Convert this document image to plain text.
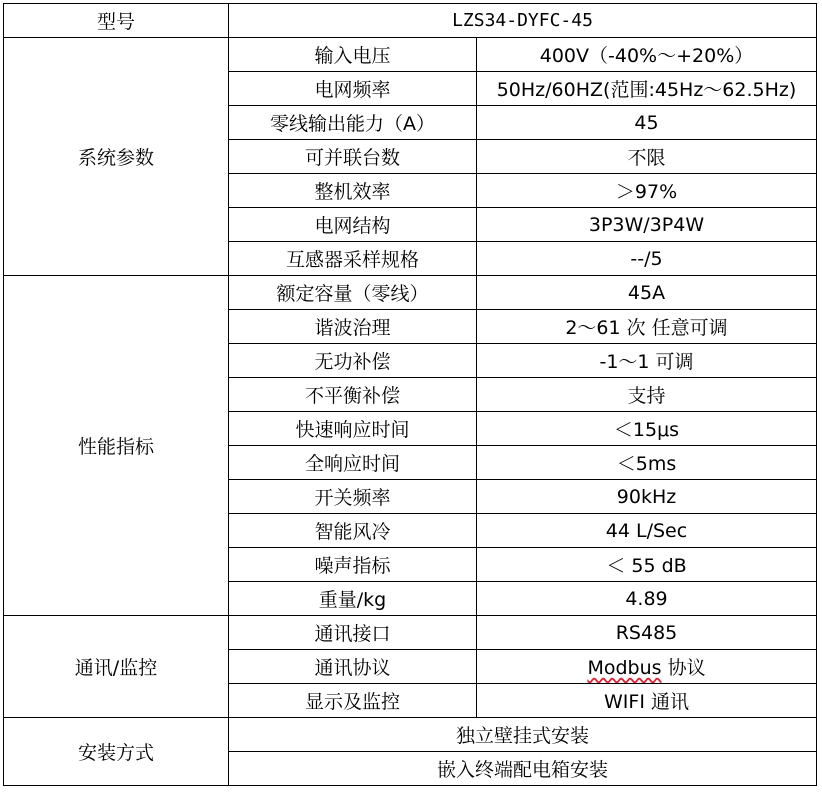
型号	LZS34-DYFC-45	
系统参数	输入电压	400V（-40%～+20%）
	电网频率	50Hz/60HZ(范围:45Hz～62.5Hz)
	零线输出能力（A）	45
	可并联台数	不限
	整机效率	＞97%
	电网结构	3P3W/3P4W
	互感器采样规格	--/5
性能指标	额定容量（零线）	45A
	谐波治理	2～61 次 任意可调
	无功补偿	-1～1 可调
	不平衡补偿	支持
	快速响应时间	＜15μs
	全响应时间	＜5ms
	开关频率	90kHz
	智能风冷	44 L/Sec
	噪声指标	＜ 55 dB
	重量/kg	4.89
通讯/监控	通讯接口	RS485
	通讯协议	Modbus 协议
	显示及监控	WIFI 通讯
安装方式	独立壁挂式安装	
	嵌入终端配电箱安装	
